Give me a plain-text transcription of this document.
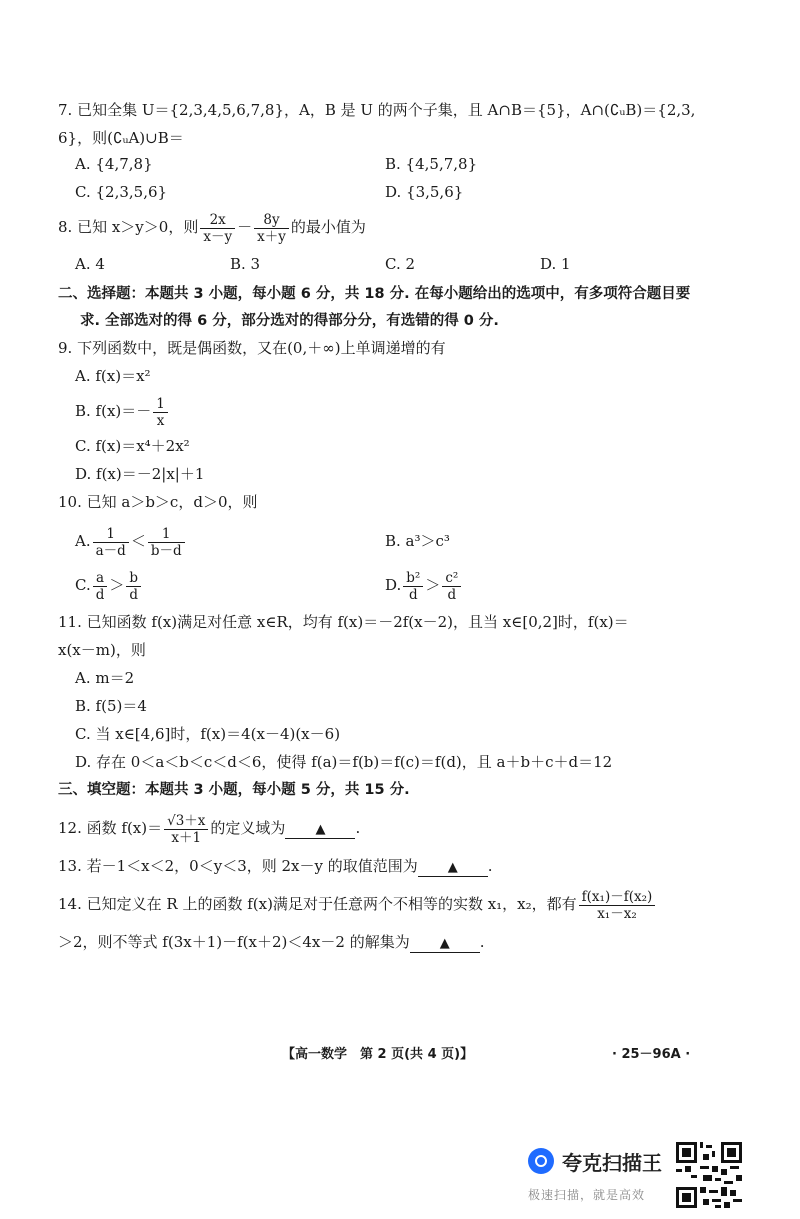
7. 已知全集 U＝{2,3,4,5,6,7,8}，A，B 是 U 的两个子集，且 A∩B＝{5}，A∩(∁ᵤB)＝{2,3,
6}，则(∁ᵤA)∪B＝
A. {4,7,8}	B. {4,5,7,8}
C. {2,3,5,6}	D. {3,5,6}
8. 已知 x＞y＞0，则 $\frac{2x}{x-y} - \frac{8y}{x+y}$ 的最小值为
A. 4	B. 3	C. 2	D. 1
二、选择题：本题共 3 小题，每小题 6 分，共 18 分. 在每小题给出的选项中，有多项符合题目要
求. 全部选对的得 6 分，部分选对的得部分分，有选错的得 0 分.
9. 下列函数中，既是偶函数，又在(0,＋∞)上单调递增的有
A. f(x)＝x²
B. $f(x)=- \frac{1}{x}$
C. f(x)＝x⁴＋2x²
D. f(x)＝－2|x|＋1
10. 已知 a＞b＞c，d＞0，则
A. $\frac{1}{a-d} < \frac{1}{b-d}$	B. a³＞c³
C. $\frac{a}{d} > \frac{b}{d}$	D. $\frac{\text{b²}}{d} > \frac{\text{c²}}{d}$
11. 已知函数 f(x)满足对任意 x∈R，均有 f(x)＝－2f(x－2)，且当 x∈[0,2]时，f(x)＝
x(x－m)，则
A. m＝2
B. f(5)＝4
C. 当 x∈[4,6]时，f(x)＝4(x－4)(x－6)
D. 存在 0＜a＜b＜c＜d＜6，使得 f(a)＝f(b)＝f(c)＝f(d)，且 a＋b＋c＋d＝12
三、填空题：本题共 3 小题，每小题 5 分，共 15 分.
12. 函数 $f(x)= \frac{√3+x}{x+1}$ 的定义域为 ▲ .
13. 若－1＜x＜2，0＜y＜3，则 2x－y 的取值范围为 ▲ .
14. 已知定义在 R 上的函数 f(x)满足对于任意两个不相等的实数 x₁，x₂，都有 $\frac{\text{f(x₁)－f(x₂)}}{\text{x₁－x₂}}$
＞2，则不等式 f(3x＋1)－f(x＋2)＜4x－2 的解集为 ▲ .
【高一数学　第 2 页(共 4 页)】	· 25－96A ·
夸克扫描王
极速扫描，就是高效
